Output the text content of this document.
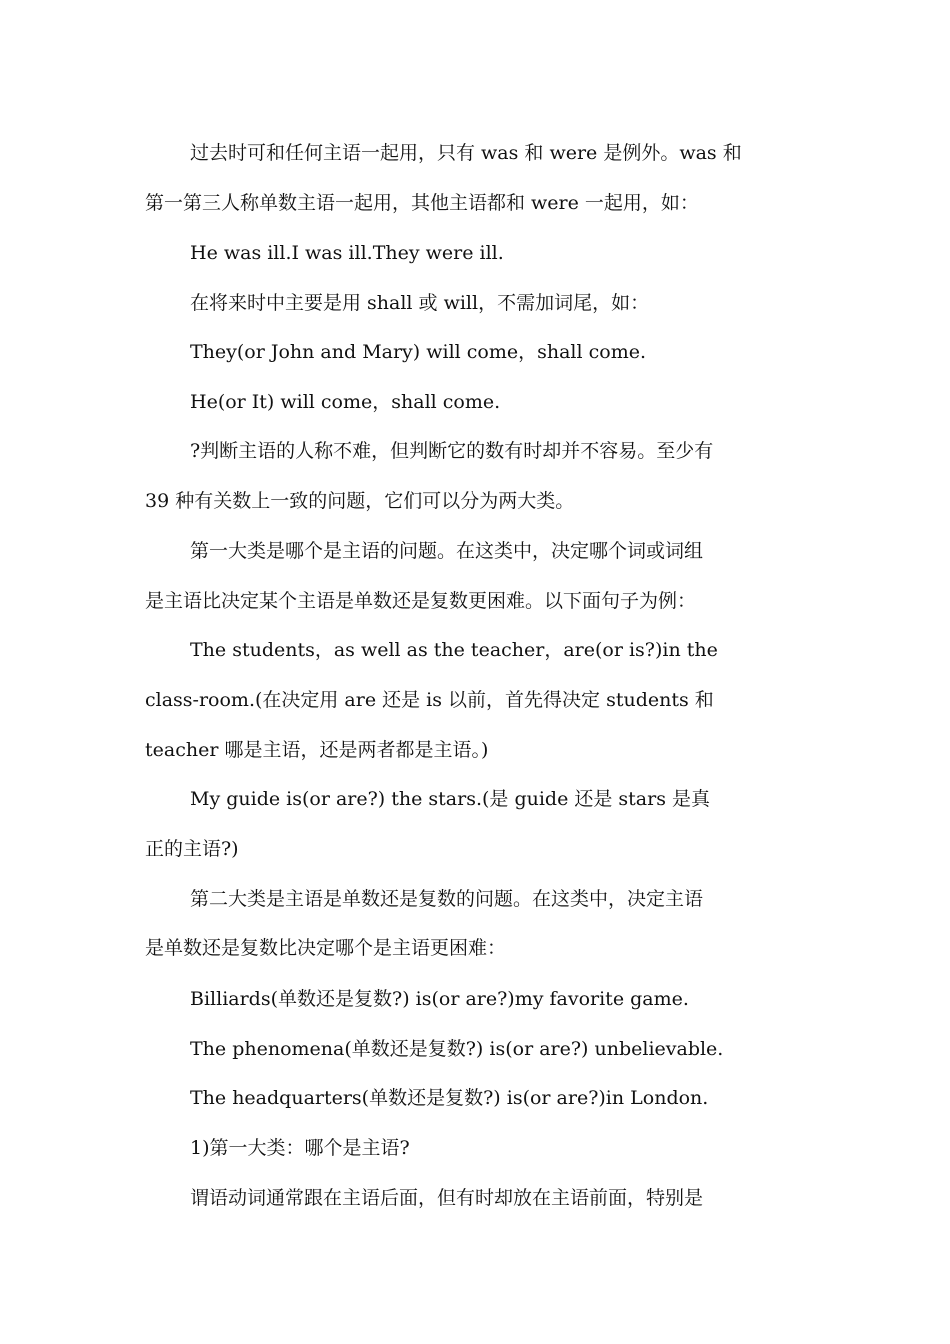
过去时可和任何主语一起用，只有 was 和 were 是例外。was 和
第一第三人称单数主语一起用，其他主语都和 were 一起用，如：
He was ill.I was ill.They were ill.
在将来时中主要是用 shall 或 will，不需加词尾，如：
They(or John and Mary) will come，shall come.
He(or It) will come，shall come.
?判断主语的人称不难，但判断它的数有时却并不容易。至少有
39 种有关数上一致的问题，它们可以分为两大类。
第一大类是哪个是主语的问题。在这类中，决定哪个词或词组
是主语比决定某个主语是单数还是复数更困难。以下面句子为例：
The students，as well as the teacher，are(or is?)in the
class-room.(在决定用 are 还是 is 以前，首先得决定 students 和
teacher 哪是主语，还是两者都是主语。)
My guide is(or are?) the stars.(是 guide 还是 stars 是真
正的主语?)
第二大类是主语是单数还是复数的问题。在这类中，决定主语
是单数还是复数比决定哪个是主语更困难：
Billiards(单数还是复数?) is(or are?)my favorite game.
The phenomena(单数还是复数?) is(or are?) unbelievable.
The headquarters(单数还是复数?) is(or are?)in London.
1)第一大类：哪个是主语?
谓语动词通常跟在主语后面，但有时却放在主语前面，特别是
